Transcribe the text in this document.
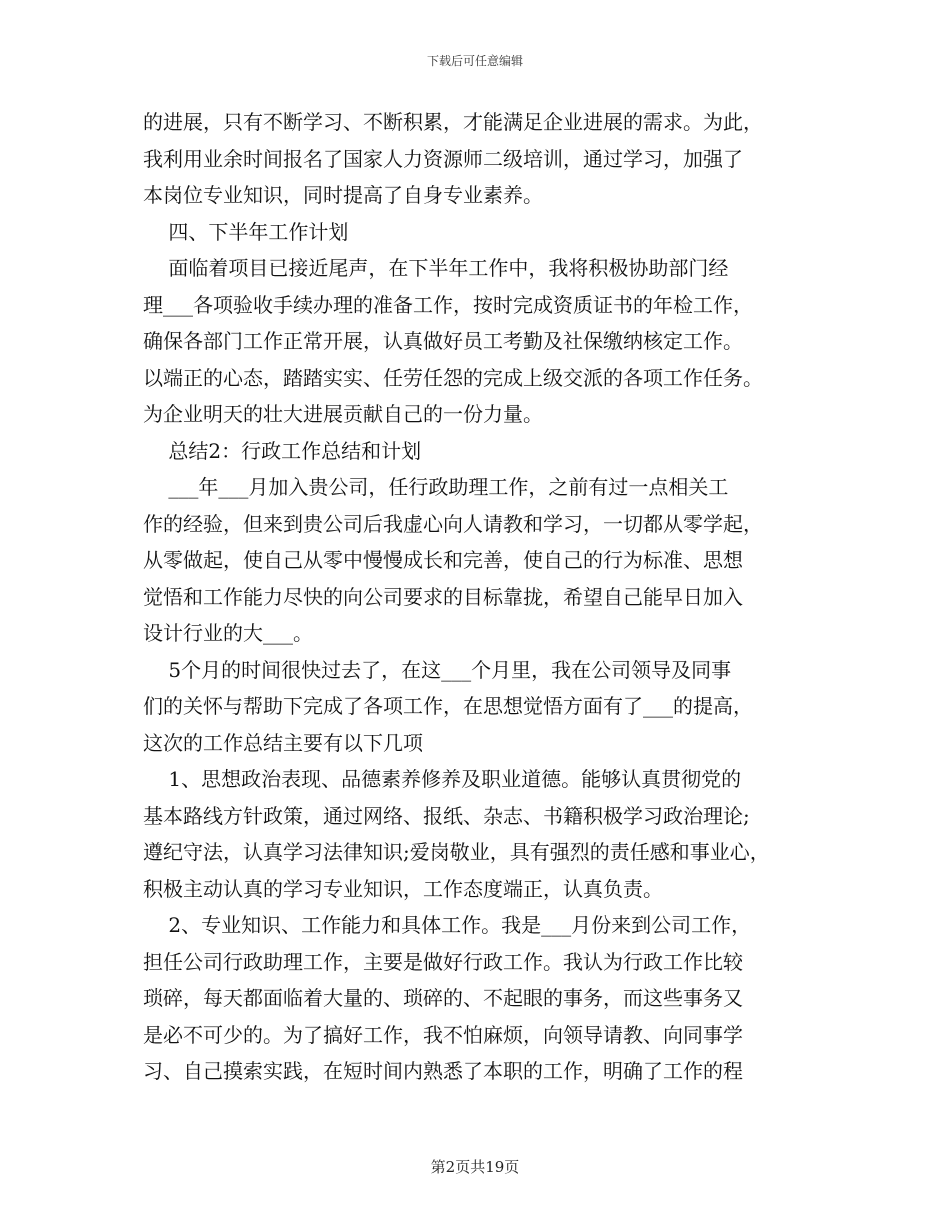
下载后可任意编辑
的进展，只有不断学习、不断积累，才能满足企业进展的需求。为此，
我利用业余时间报名了国家人力资源师二级培训，通过学习，加强了
本岗位专业知识，同时提高了自身专业素养。
四、下半年工作计划
面临着项目已接近尾声，在下半年工作中，我将积极协助部门经
理___各项验收手续办理的准备工作，按时完成资质证书的年检工作，
确保各部门工作正常开展，认真做好员工考勤及社保缴纳核定工作。
以端正的心态，踏踏实实、任劳任怨的完成上级交派的各项工作任务。
为企业明天的壮大进展贡献自己的一份力量。
总结2：行政工作总结和计划
___年___月加入贵公司，任行政助理工作，之前有过一点相关工
作的经验，但来到贵公司后我虚心向人请教和学习，一切都从零学起，
从零做起，使自己从零中慢慢成长和完善，使自己的行为标准、思想
觉悟和工作能力尽快的向公司要求的目标靠拢，希望自己能早日加入
设计行业的大___。
5个月的时间很快过去了，在这___个月里，我在公司领导及同事
们的关怀与帮助下完成了各项工作，在思想觉悟方面有了___的提高，
这次的工作总结主要有以下几项
1、思想政治表现、品德素养修养及职业道德。能够认真贯彻党的
基本路线方针政策，通过网络、报纸、杂志、书籍积极学习政治理论;
遵纪守法，认真学习法律知识;爱岗敬业，具有强烈的责任感和事业心，
积极主动认真的学习专业知识，工作态度端正，认真负责。
2、专业知识、工作能力和具体工作。我是___月份来到公司工作，
担任公司行政助理工作，主要是做好行政工作。我认为行政工作比较
琐碎，每天都面临着大量的、琐碎的、不起眼的事务，而这些事务又
是必不可少的。为了搞好工作，我不怕麻烦，向领导请教、向同事学
习、自己摸索实践，在短时间内熟悉了本职的工作，明确了工作的程
第2页共19页
